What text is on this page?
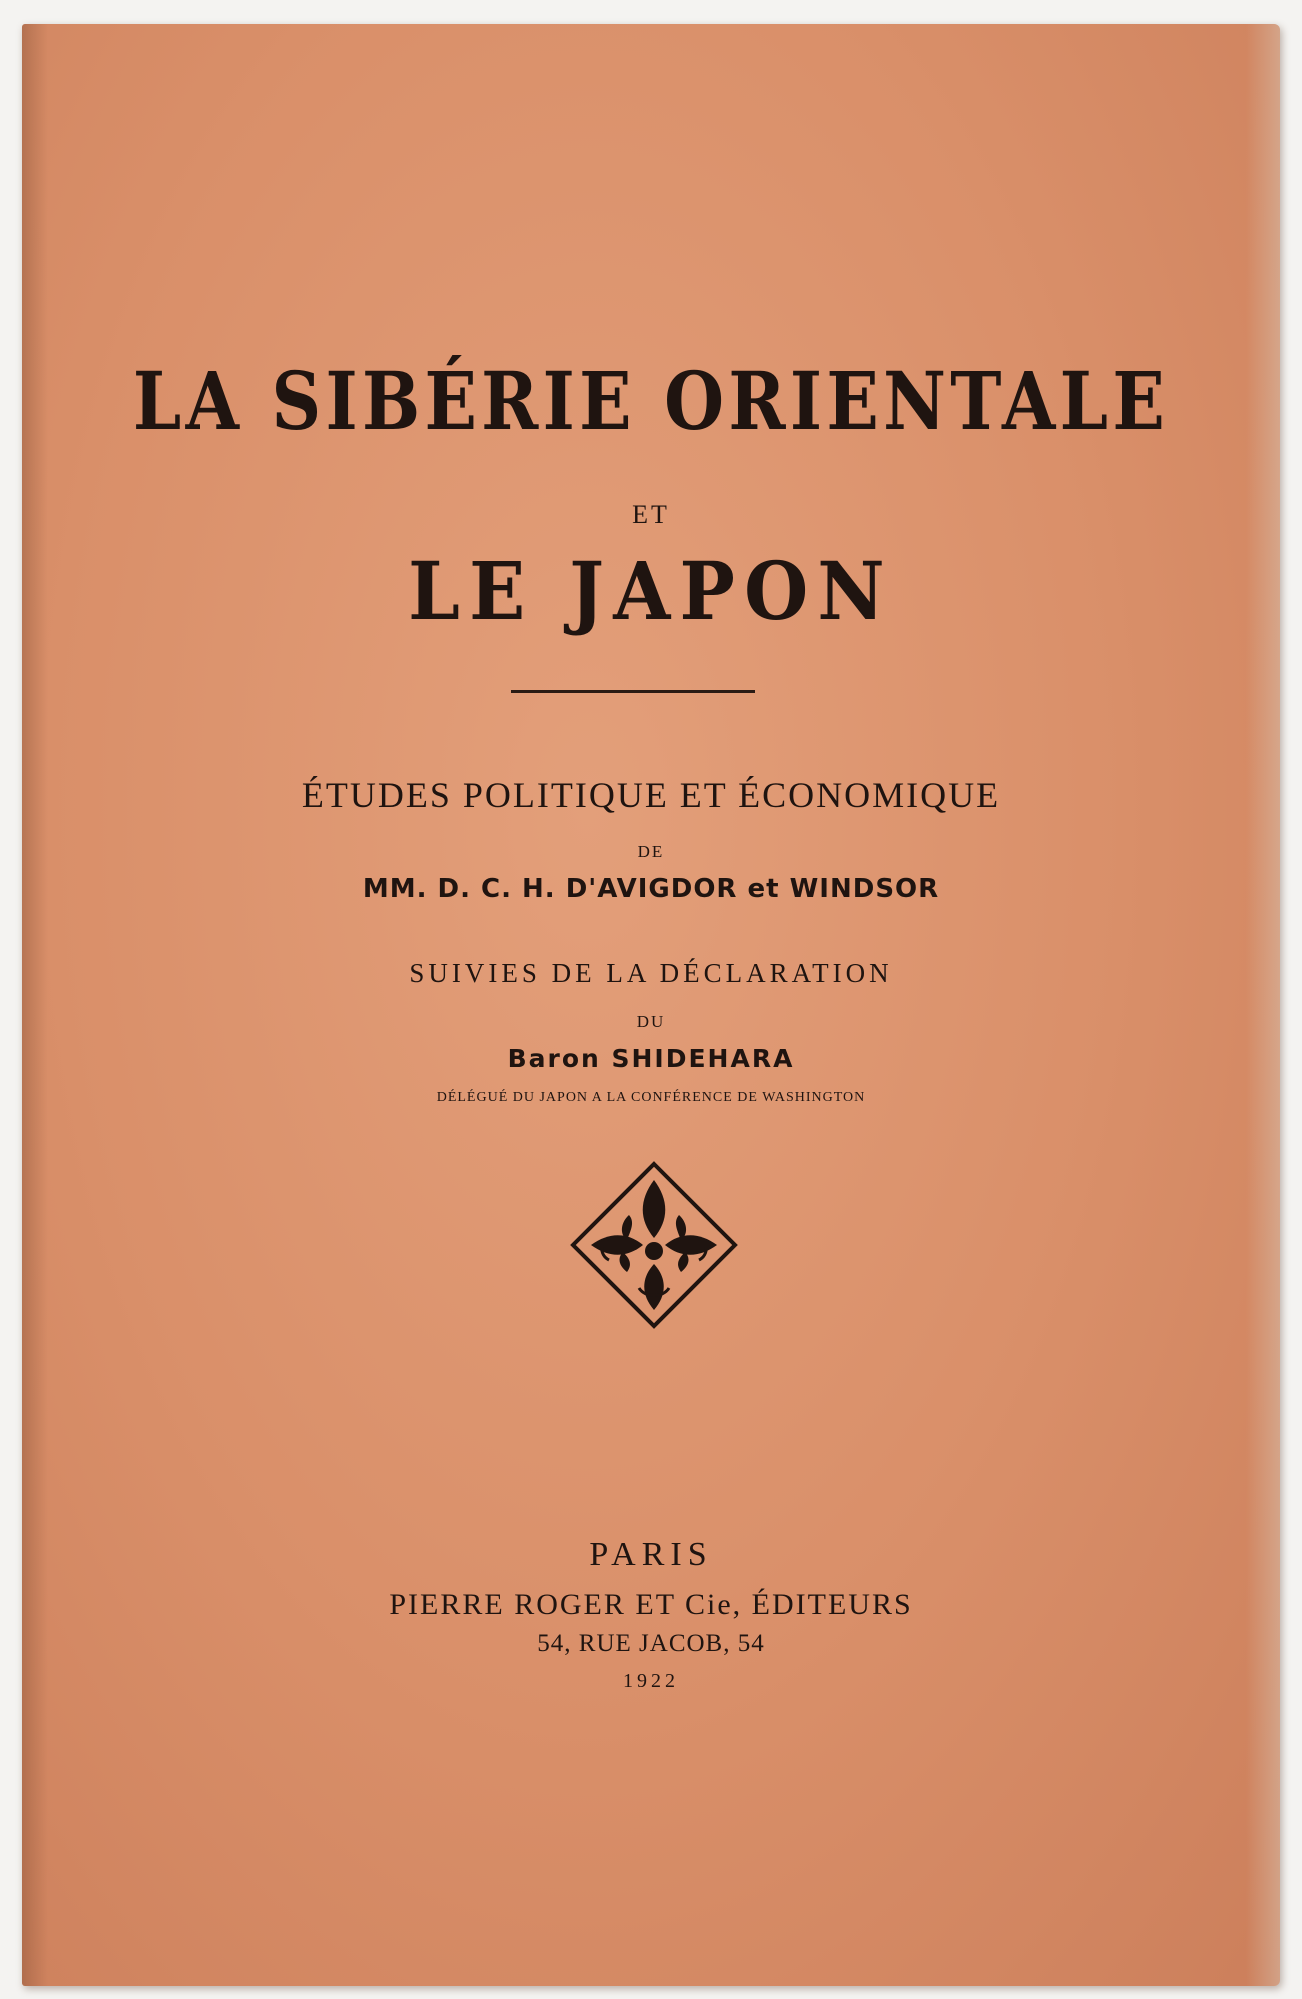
LA SIBÉRIE ORIENTALE
ET
LE JAPON
ÉTUDES POLITIQUE ET ÉCONOMIQUE
DE
MM. D. C. H. D'AVIGDOR et WINDSOR
SUIVIES DE LA DÉCLARATION
DU
Baron SHIDEHARA
DÉLÉGUÉ DU JAPON A LA CONFÉRENCE DE WASHINGTON
PARIS
PIERRE ROGER ET Cie, ÉDITEURS
54, RUE JACOB, 54
1922
